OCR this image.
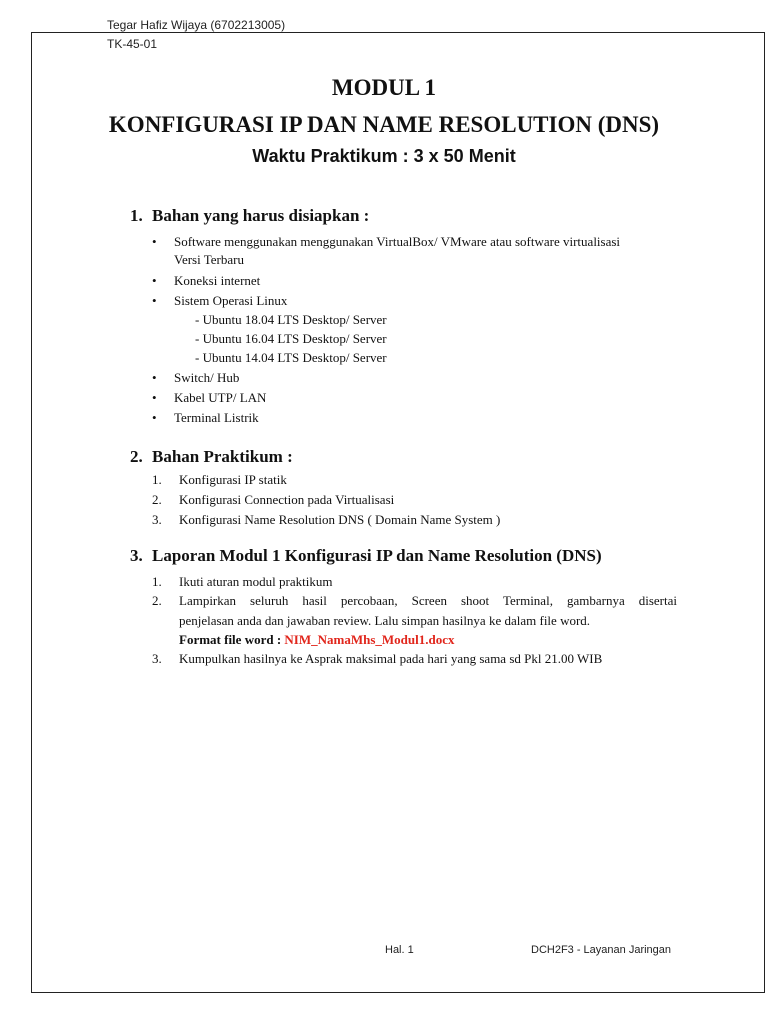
Tegar Hafiz Wijaya (6702213005)
TK-45-01
MODUL 1
KONFIGURASI IP DAN NAME RESOLUTION (DNS)
Waktu Praktikum : 3 x 50 Menit
1. Bahan yang harus disiapkan :
• Software menggunakan menggunakan VirtualBox/ VMware atau software virtualisasi
Versi Terbaru
• Koneksi internet
• Sistem Operasi Linux
- Ubuntu 18.04 LTS Desktop/ Server
- Ubuntu 16.04 LTS Desktop/ Server
- Ubuntu 14.04 LTS Desktop/ Server
• Switch/ Hub
• Kabel UTP/ LAN
• Terminal Listrik
2. Bahan Praktikum :
1. Konfigurasi IP statik
2. Konfigurasi Connection pada Virtualisasi
3. Konfigurasi Name Resolution DNS ( Domain Name System )
3. Laporan Modul 1 Konfigurasi IP dan Name Resolution (DNS)
1. Ikuti aturan modul praktikum
2. Lampirkan seluruh hasil percobaan, Screen shoot Terminal, gambarnya disertai
penjelasan anda dan jawaban review. Lalu simpan hasilnya ke dalam file word.
Format file word : NIM_NamaMhs_Modul1.docx
3. Kumpulkan hasilnya ke Asprak maksimal pada hari yang sama sd Pkl 21.00 WIB
Hal. 1	DCH2F3 - Layanan Jaringan
